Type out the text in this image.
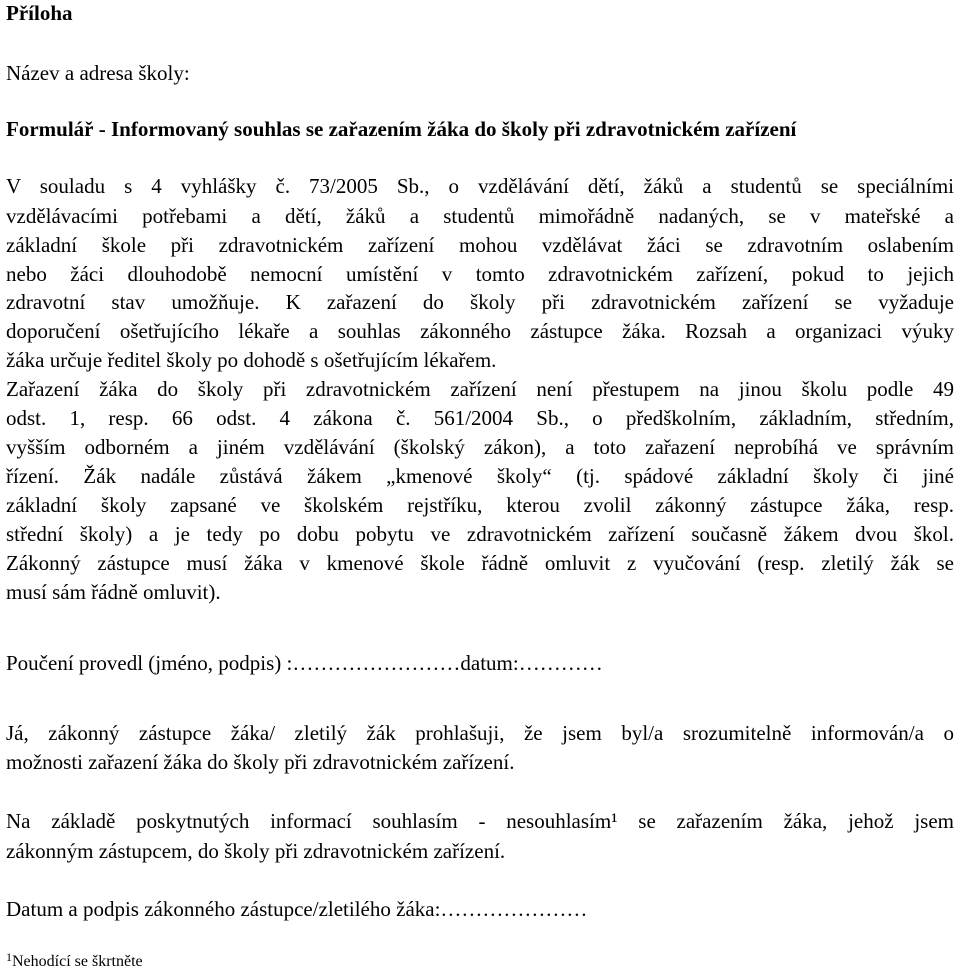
Příloha
Název a adresa školy:
Formulář - Informovaný souhlas se zařazením žáka do školy při zdravotnickém zařízení
V souladu s 4 vyhlášky č. 73/2005 Sb., o vzdělávání dětí, žáků a studentů se speciálními
vzdělávacími potřebami a dětí, žáků a studentů mimořádně nadaných, se v mateřské a
základní škole při zdravotnickém zařízení mohou vzdělávat žáci se zdravotním oslabením
nebo žáci dlouhodobě nemocní umístění v tomto zdravotnickém zařízení, pokud to jejich
zdravotní stav umožňuje. K zařazení do školy při zdravotnickém zařízení se vyžaduje
doporučení ošetřujícího lékaře a souhlas zákonného zástupce žáka. Rozsah a organizaci výuky
žáka určuje ředitel školy po dohodě s ošetřujícím lékařem.
Zařazení žáka do školy při zdravotnickém zařízení není přestupem na jinou školu podle 49
odst. 1, resp. 66 odst. 4 zákona č. 561/2004 Sb., o předškolním, základním, středním,
vyšším odborném a jiném vzdělávání (školský zákon), a toto zařazení neprobíhá ve správním
řízení. Žák nadále zůstává žákem „kmenové školy“ (tj. spádové základní školy či jiné
základní školy zapsané ve školském rejstříku, kterou zvolil zákonný zástupce žáka, resp.
střední školy) a je tedy po dobu pobytu ve zdravotnickém zařízení současně žákem dvou škol.
Zákonný zástupce musí žáka v kmenové škole řádně omluvit z vyučování (resp. zletilý žák se
musí sám řádně omluvit).
Poučení provedl (jméno, podpis) :……………………datum:…………
Já, zákonný zástupce žáka/ zletilý žák prohlašuji, že jsem byl/a srozumitelně informován/a o
možnosti zařazení žáka do školy při zdravotnickém zařízení.
Na základě poskytnutých informací souhlasím - nesouhlasím¹ se zařazením žáka, jehož jsem
zákonným zástupcem, do školy při zdravotnickém zařízení.
Datum a podpis zákonného zástupce/zletilého žáka:…………………
$^1$Nehodící se škrtněte
